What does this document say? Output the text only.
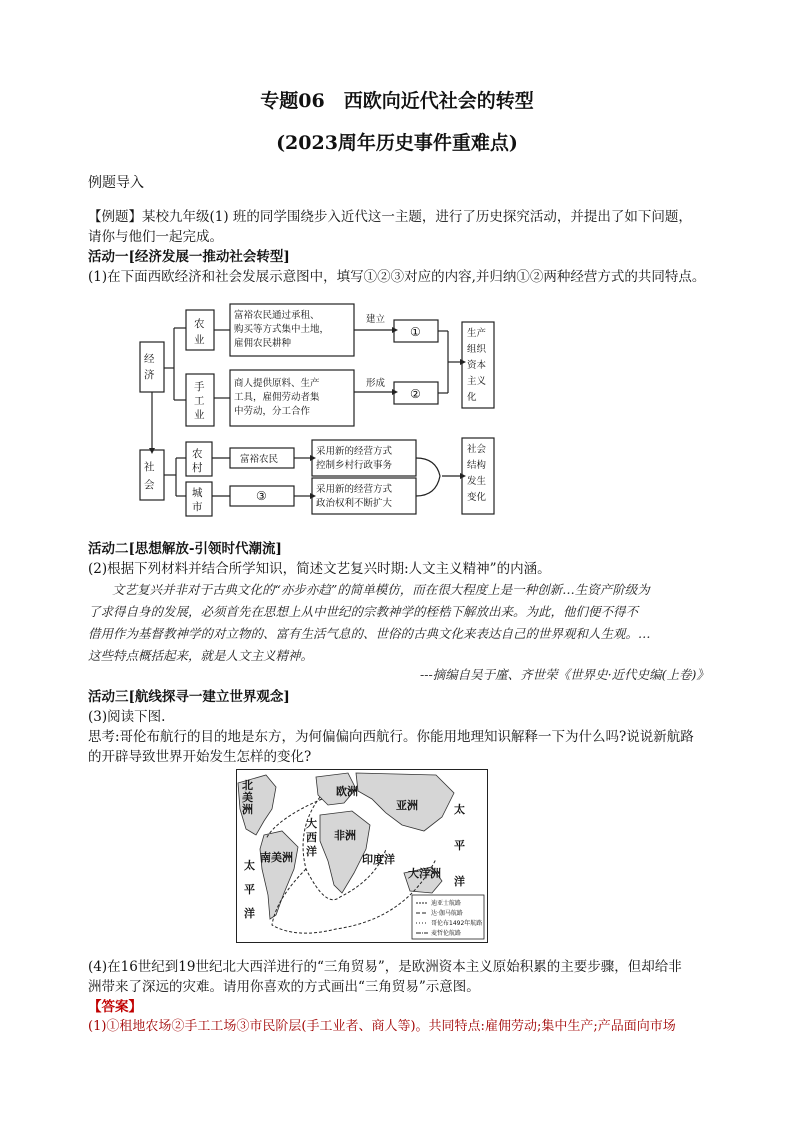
专题06　西欧向近代社会的转型
(2023周年历史事件重难点)
例题导入
【例题】某校九年级(1) 班的同学围绕步入近代这一主题，进行了历史探究活动，并提出了如下问题，
请你与他们一起完成。
活动一[经济发展一推动社会转型]
(1)在下面西欧经济和社会发展示意图中，填写①②③对应的内容,并归纳①②两种经营方式的共同特点。
经
济
农
业
手
工
业
社
会
农
村
城
市
富裕农民通过承租、
购买等方式集中土地，
雇佣农民耕种
商人提供原料、生产
工具，雇佣劳动者集
中劳动，分工合作
建立
形成
①
②
③
富裕农民
采用新的经营方式
控制乡村行政事务
采用新的经营方式
政治权利不断扩大
生产
组织
资本
主义
化
社会
结构
发生
变化
活动二[思想解放-引领时代潮流]
(2)根据下列材料并结合所学知识，简述文艺复兴时期:人文主义精神”的内涵。
文艺复兴并非对于古典文化的“亦步亦趋”的简单模仿，而在很大程度上是一种创新…生资产阶级为
了求得自身的发展，必须首先在思想上从中世纪的宗教神学的桎梏下解放出来。为此，他们便不得不
借用作为基督教神学的对立物的、富有生活气息的、世俗的古典文化来表达自己的世界观和人生观。…
这些特点概括起来，就是人文主义精神。
---摘编自吴于廑、齐世荣《世界史·近代史编(上卷)》
活动三[航线探寻一建立世界观念]
(3)阅读下图.
思考:哥伦布航行的目的地是东方，为何偏偏向西航行。你能用地理知识解释一下为什么吗?说说新航路
的开辟导致世界开始发生怎样的变化?
北
美
洲
欧洲
亚洲
非洲
南美洲	印度洋
大洋洲
大
西
洋
太
平
洋
太
平
洋
迪亚士航路
达·伽马航路
哥伦布1492年航路
麦哲伦航路
(4)在16世纪到19世纪北大西洋进行的“三角贸易”，是欧洲资本主义原始积累的主要步骤，但却给非
洲带来了深远的灾难。请用你喜欢的方式画出“三角贸易”示意图。
【答案】
(1)①租地农场②手工工场③市民阶层(手工业者、商人等)。共同特点:雇佣劳动;集中生产;产品面向市场
